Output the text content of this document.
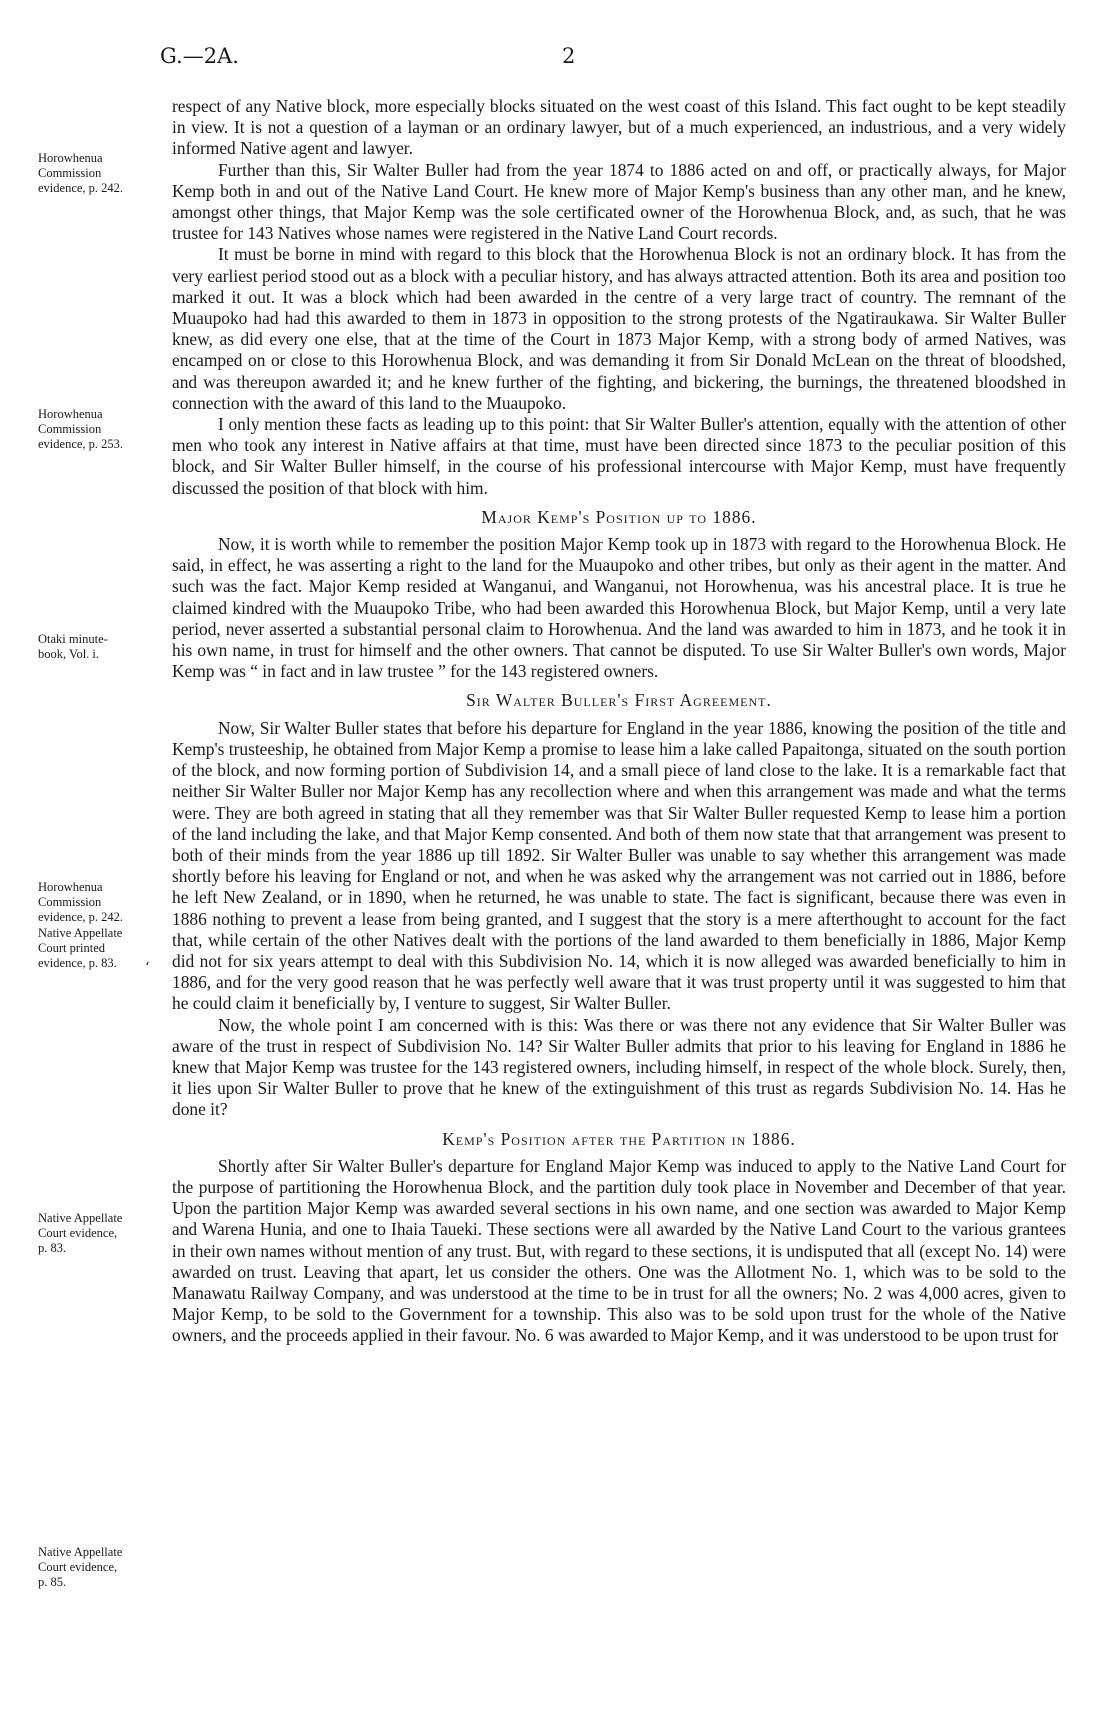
G.—2A.	2
Horowhenua
Commission
evidence, p. 242.
Horowhenua
Commission
evidence, p. 253.
Otaki minute-
book, Vol. i.
Horowhenua
Commission
evidence, p. 242.
Native Appellate
Court printed
evidence, p. 83.	‘
Native Appellate
Court evidence,
p. 83.
Native Appellate
Court evidence,
p. 85.

respect of any Native block, more especially blocks situated on the west coast of this Island. This fact ought to be kept steadily in view. It is not a question of a layman or an ordinary lawyer, but of a much experienced, an industrious, and a very widely informed Native agent and lawyer.

Further than this, Sir Walter Buller had from the year 1874 to 1886 acted on and off, or practically always, for Major Kemp both in and out of the Native Land Court. He knew more of Major Kemp's business than any other man, and he knew, amongst other things, that Major Kemp was the sole certificated owner of the Horowhenua Block, and, as such, that he was trustee for 143 Natives whose names were registered in the Native Land Court records.

It must be borne in mind with regard to this block that the Horowhenua Block is not an ordinary block. It has from the very earliest period stood out as a block with a peculiar history, and has always attracted attention. Both its area and position too marked it out. It was a block which had been awarded in the centre of a very large tract of country. The remnant of the Muaupoko had had this awarded to them in 1873 in opposition to the strong protests of the Ngatiraukawa. Sir Walter Buller knew, as did every one else, that at the time of the Court in 1873 Major Kemp, with a strong body of armed Natives, was encamped on or close to this Horowhenua Block, and was demanding it from Sir Donald McLean on the threat of bloodshed, and was thereupon awarded it; and he knew further of the fighting, and bickering, the burnings, the threatened bloodshed in connection with the award of this land to the Muaupoko.

I only mention these facts as leading up to this point: that Sir Walter Buller's attention, equally with the attention of other men who took any interest in Native affairs at that time, must have been directed since 1873 to the peculiar position of this block, and Sir Walter Buller himself, in the course of his professional intercourse with Major Kemp, must have frequently discussed the position of that block with him.

Major Kemp's Position up to 1886.

Now, it is worth while to remember the position Major Kemp took up in 1873 with regard to the Horowhenua Block. He said, in effect, he was asserting a right to the land for the Muaupoko and other tribes, but only as their agent in the matter. And such was the fact. Major Kemp resided at Wanganui, and Wanganui, not Horowhenua, was his ancestral place. It is true he claimed kindred with the Muaupoko Tribe, who had been awarded this Horowhenua Block, but Major Kemp, until a very late period, never asserted a substantial personal claim to Horowhenua. And the land was awarded to him in 1873, and he took it in his own name, in trust for himself and the other owners. That cannot be disputed. To use Sir Walter Buller's own words, Major Kemp was “ in fact and in law trustee ” for the 143 registered owners.

Sir Walter Buller's First Agreement.

Now, Sir Walter Buller states that before his departure for England in the year 1886, knowing the position of the title and Kemp's trusteeship, he obtained from Major Kemp a promise to lease him a lake called Papaitonga, situated on the south portion of the block, and now forming portion of Subdivision 14, and a small piece of land close to the lake. It is a remarkable fact that neither Sir Walter Buller nor Major Kemp has any recollection where and when this arrangement was made and what the terms were. They are both agreed in stating that all they remember was that Sir Walter Buller requested Kemp to lease him a portion of the land including the lake, and that Major Kemp consented. And both of them now state that that arrangement was present to both of their minds from the year 1886 up till 1892. Sir Walter Buller was unable to say whether this arrangement was made shortly before his leaving for England or not, and when he was asked why the arrangement was not carried out in 1886, before he left New Zealand, or in 1890, when he returned, he was unable to state. The fact is significant, because there was even in 1886 nothing to prevent a lease from being granted, and I suggest that the story is a mere afterthought to account for the fact that, while certain of the other Natives dealt with the portions of the land awarded to them beneficially in 1886, Major Kemp did not for six years attempt to deal with this Subdivision No. 14, which it is now alleged was awarded beneficially to him in 1886, and for the very good reason that he was perfectly well aware that it was trust property until it was suggested to him that he could claim it beneficially by, I venture to suggest, Sir Walter Buller.

Now, the whole point I am concerned with is this: Was there or was there not any evidence that Sir Walter Buller was aware of the trust in respect of Subdivision No. 14? Sir Walter Buller admits that prior to his leaving for England in 1886 he knew that Major Kemp was trustee for the 143 registered owners, including himself, in respect of the whole block. Surely, then, it lies upon Sir Walter Buller to prove that he knew of the extinguishment of this trust as regards Subdivision No. 14. Has he done it?

Kemp's Position after the Partition in 1886.

Shortly after Sir Walter Buller's departure for England Major Kemp was induced to apply to the Native Land Court for the purpose of partitioning the Horowhenua Block, and the partition duly took place in November and December of that year. Upon the partition Major Kemp was awarded several sections in his own name, and one section was awarded to Major Kemp and Warena Hunia, and one to Ihaia Taueki. These sections were all awarded by the Native Land Court to the various grantees in their own names without mention of any trust. But, with regard to these sections, it is undisputed that all (except No. 14) were awarded on trust. Leaving that apart, let us consider the others. One was the Allotment No. 1, which was to be sold to the Manawatu Railway Company, and was understood at the time to be in trust for all the owners; No. 2 was 4,000 acres, given to Major Kemp, to be sold to the Government for a township. This also was to be sold upon trust for the whole of the Native owners, and the proceeds applied in their favour. No. 6 was awarded to Major Kemp, and it was understood to be upon trust for
